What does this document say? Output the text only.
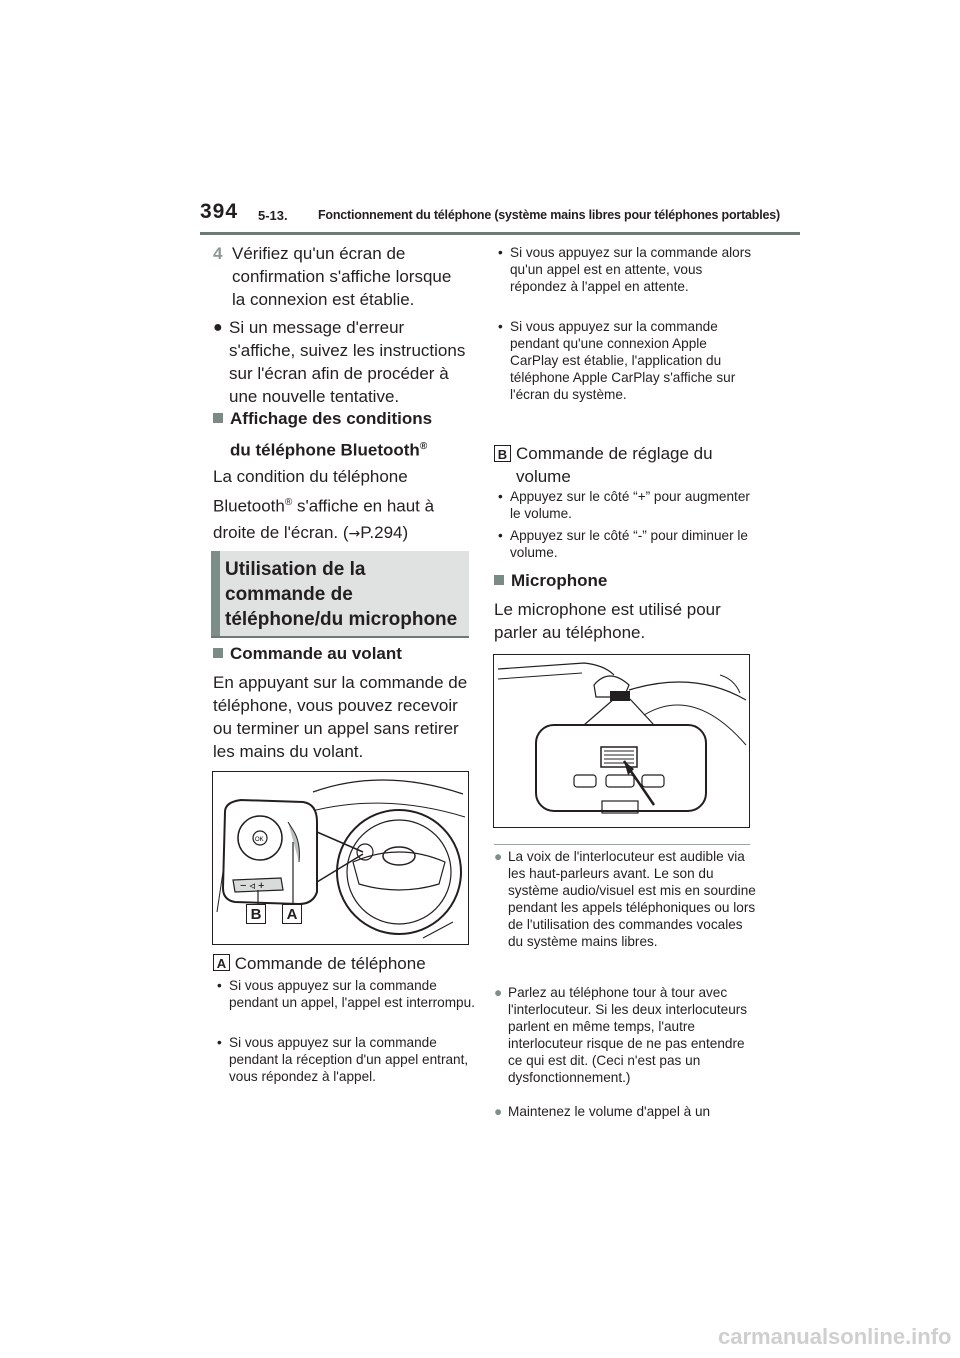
394 5-13. Fonctionnement du téléphone (système mains libres pour téléphones portables)
4 Vérifiez qu'un écran de confirmation s'affiche lorsque la connexion est établie.
● Si un message d'erreur s'affiche, suivez les instructions sur l'écran afin de procéder à une nouvelle tentative.
Affichage des conditions
du téléphone Bluetooth®
La condition du téléphone
Bluetooth® s'affiche en haut à
droite de l'écran. (→P.294)
Utilisation de la commande de téléphone/du microphone
Commande au volant
En appuyant sur la commande de téléphone, vous pouvez recevoir ou terminer un appel sans retirer les mains du volant.
OK
− ◃ +
B	A
A Commande de téléphone
• Si vous appuyez sur la commande pendant un appel, l'appel est interrompu.
• Si vous appuyez sur la commande pendant la réception d'un appel entrant, vous répondez à l'appel.
• Si vous appuyez sur la commande alors qu'un appel est en attente, vous répondez à l'appel en attente.
• Si vous appuyez sur la commande pendant qu'une connexion Apple CarPlay est établie, l'application du téléphone Apple CarPlay s'affiche sur l'écran du système.
B Commande de réglage du volume
• Appuyez sur le côté “+” pour augmenter le volume.
• Appuyez sur le côté “-” pour diminuer le volume.
Microphone
Le microphone est utilisé pour parler au téléphone.
● La voix de l'interlocuteur est audible via les haut-parleurs avant. Le son du système audio/visuel est mis en sourdine pendant les appels téléphoniques ou lors de l'utilisation des commandes vocales du système mains libres.
● Parlez au téléphone tour à tour avec l'interlocuteur. Si les deux interlocuteurs parlent en même temps, l'autre interlocuteur risque de ne pas entendre ce qui est dit. (Ceci n'est pas un dysfonctionnement.)
● Maintenez le volume d'appel à un
carmanualsonline.info
